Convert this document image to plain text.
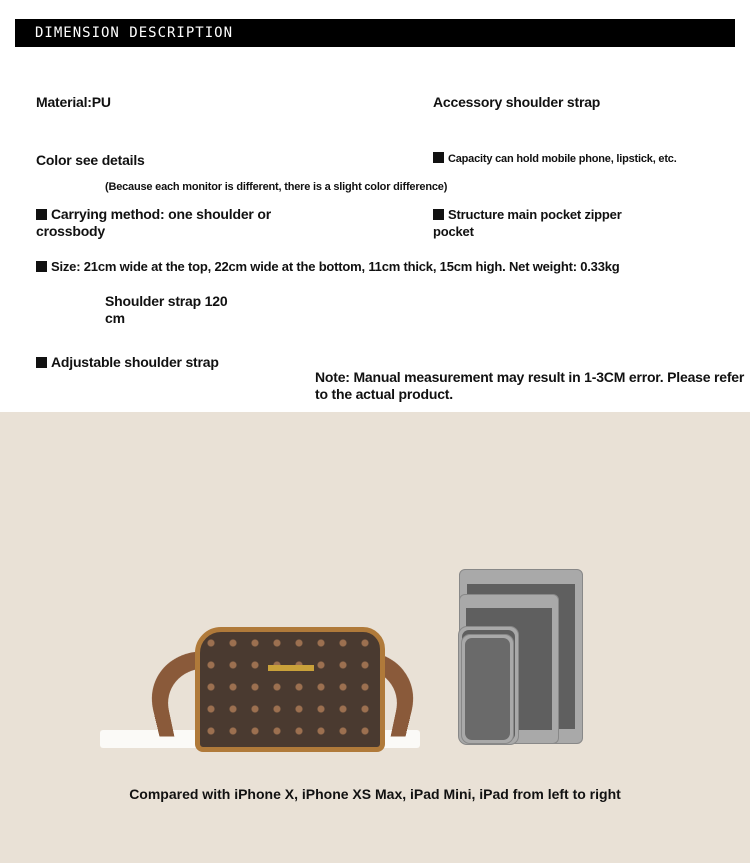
DIMENSION DESCRIPTION
Material:PU	Accessory shoulder strap
Color see details	Capacity can hold mobile phone, lipstick, etc.
(Because each monitor is different, there is a slight color difference)
Carrying method: one shoulder or crossbody
Structure main pocket zipper pocket
Size: 21cm wide at the top, 22cm wide at the bottom, 11cm thick, 15cm high. Net weight: 0.33kg
Shoulder strap 120 cm
Adjustable shoulder strap
Note: Manual measurement may result in 1-3CM error. Please refer to the actual product.
Compared with iPhone X, iPhone XS Max, iPad Mini, iPad from left to right
